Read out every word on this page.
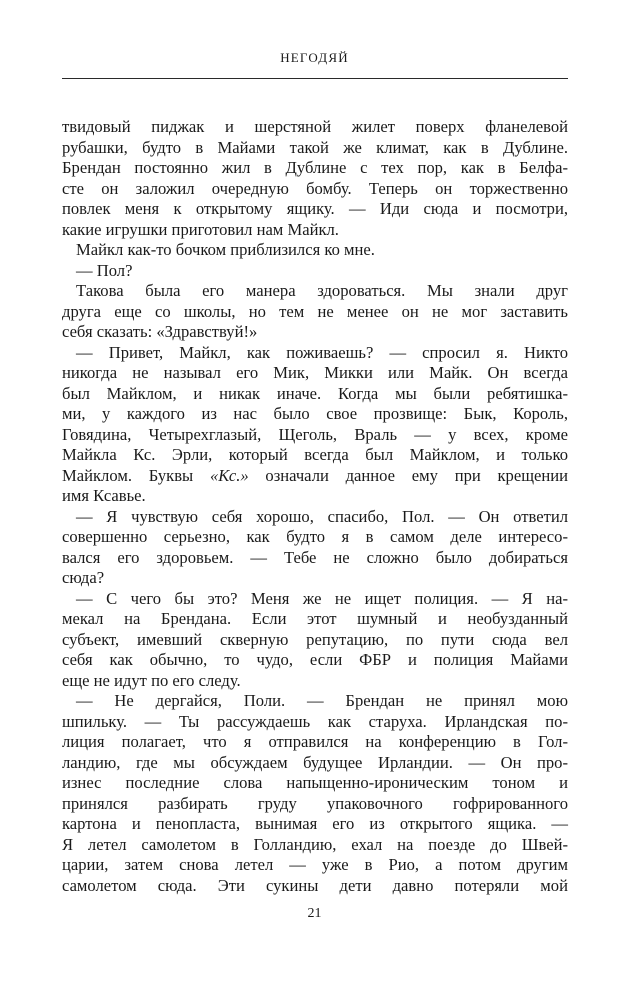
НЕГОДЯЙ
твидовый пиджак и шерстяной жилет поверх фланелевой
рубашки, будто в Майами такой же климат, как в Дублине.
Брендан постоянно жил в Дублине с тех пор, как в Белфа-
сте он заложил очередную бомбу. Теперь он торжественно
повлек меня к открытому ящику. — Иди сюда и посмотри,
какие игрушки приготовил нам Майкл.
Майкл как-то бочком приблизился ко мне.
— Пол?
Такова была его манера здороваться. Мы знали друг
друга еще со школы, но тем не менее он не мог заставить
себя сказать: «Здравствуй!»
— Привет, Майкл, как поживаешь? — спросил я. Никто
никогда не называл его Мик, Микки или Майк. Он всегда
был Майклом, и никак иначе. Когда мы были ребятишка-
ми, у каждого из нас было свое прозвище: Бык, Король,
Говядина, Четырехглазый, Щеголь, Враль — у всех, кроме
Майкла Кс. Эрли, который всегда был Майклом, и только
Майклом. Буквы «Кс.» означали данное ему при крещении
имя Ксавье.
— Я чувствую себя хорошо, спасибо, Пол. — Он ответил
совершенно серьезно, как будто я в самом деле интересо-
вался его здоровьем. — Тебе не сложно было добираться
сюда?
— С чего бы это? Меня же не ищет полиция. — Я на-
мекал на Брендана. Если этот шумный и необузданный
субъект, имевший скверную репутацию, по пути сюда вел
себя как обычно, то чудо, если ФБР и полиция Майами
еще не идут по его следу.
— Не дергайся, Поли. — Брендан не принял мою
шпильку. — Ты рассуждаешь как старуха. Ирландская по-
лиция полагает, что я отправился на конференцию в Гол-
ландию, где мы обсуждаем будущее Ирландии. — Он про-
изнес последние слова напыщенно-ироническим тоном и
принялся разбирать груду упаковочного гофрированного
картона и пенопласта, вынимая его из открытого ящика. —
Я летел самолетом в Голландию, ехал на поезде до Швей-
царии, затем снова летел — уже в Рио, а потом другим
самолетом сюда. Эти сукины дети давно потеряли мой
21
